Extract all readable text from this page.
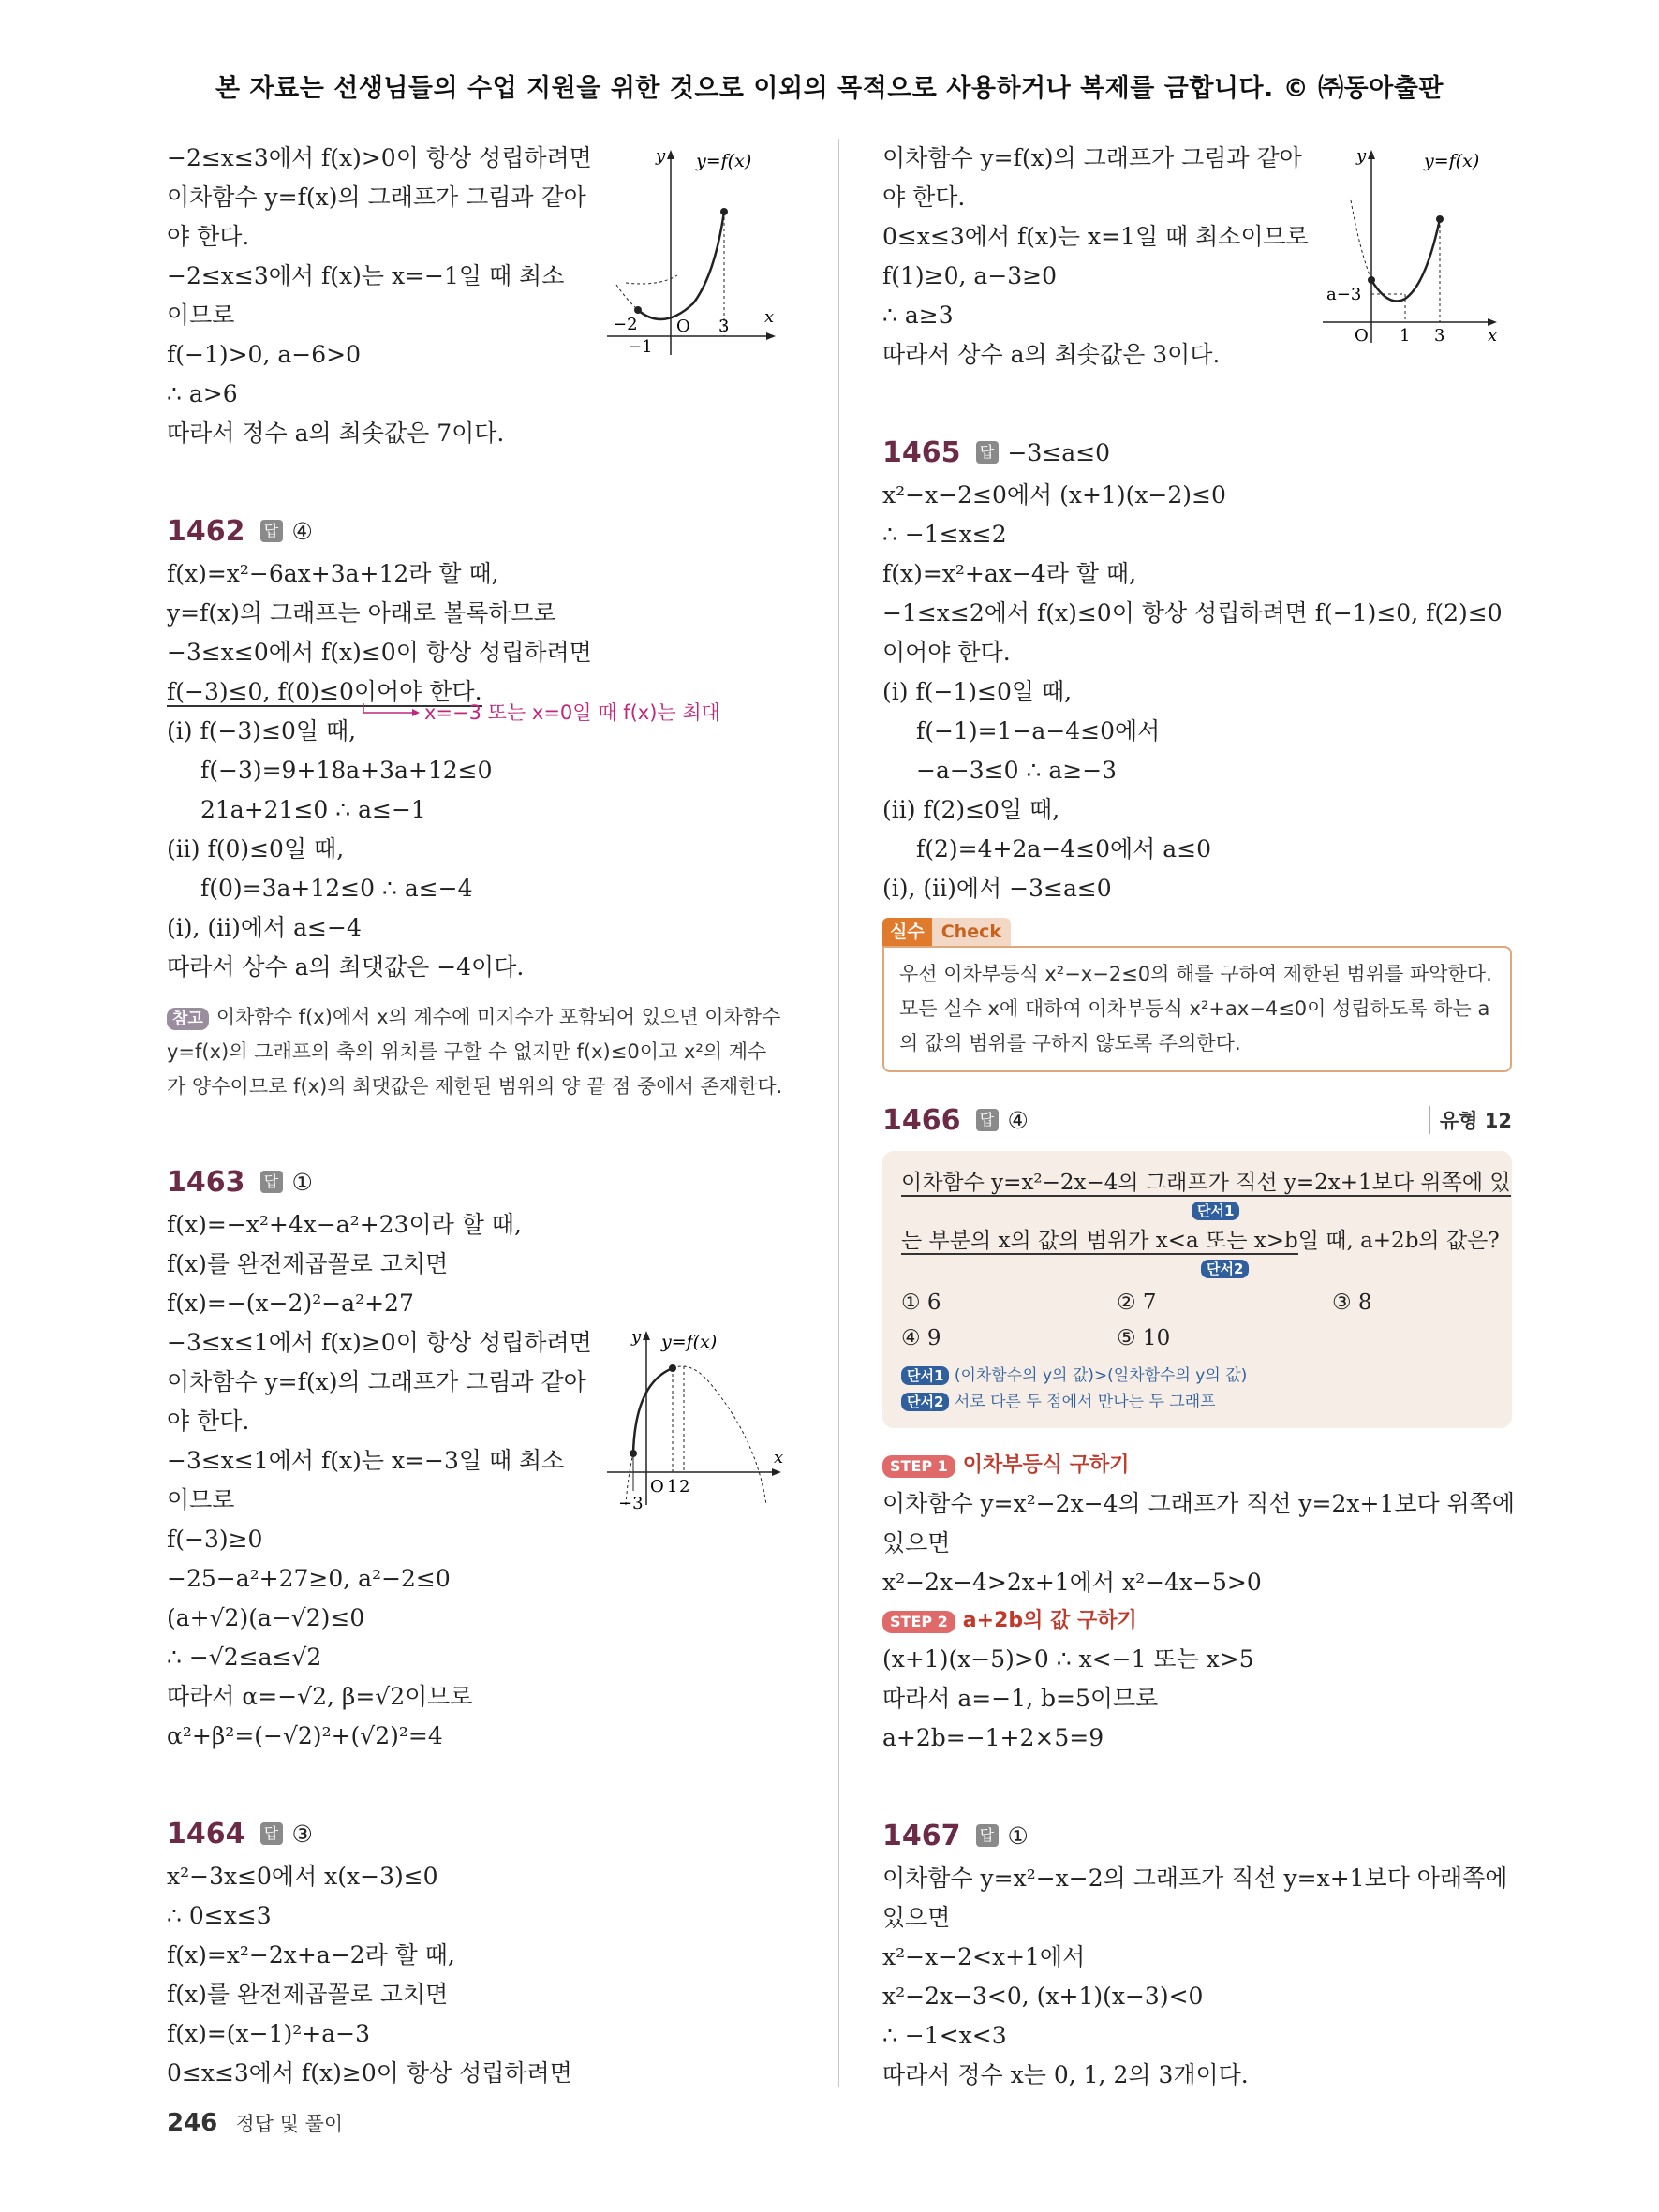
본 자료는 선생님들의 수업 지원을 위한 것으로 이외의 목적으로 사용하거나 복제를 금합니다. © ㈜동아출판
−2≤x≤3에서 f(x)>0이 항상 성립하려면
이차함수 y=f(x)의 그래프가 그림과 같아
야 한다.
−2≤x≤3에서 f(x)는 x=−1일 때 최소
이므로
f(−1)>0, a−6>0
∴ a>6
따라서 정수 a의 최솟값은 7이다.
y y=f(x)
x
−2 O 3
−1
1462 답 ④
f(x)=x²−6ax+3a+12라 할 때,
y=f(x)의 그래프는 아래로 볼록하므로
−3≤x≤0에서 f(x)≤0이 항상 성립하려면
f(−3)≤0, f(0)≤0이어야 한다.
x=−3 또는 x=0일 때 f(x)는 최대
(i) f(−3)≤0일 때,
f(−3)=9+18a+3a+12≤0
21a+21≤0 ∴ a≤−1
(ii) f(0)≤0일 때,
f(0)=3a+12≤0 ∴ a≤−4
(i), (ii)에서 a≤−4
따라서 상수 a의 최댓값은 −4이다.
참고 이차함수 f(x)에서 x의 계수에 미지수가 포함되어 있으면 이차함수
y=f(x)의 그래프의 축의 위치를 구할 수 없지만 f(x)≤0이고 x²의 계수
가 양수이므로 f(x)의 최댓값은 제한된 범위의 양 끝 점 중에서 존재한다.
1463 답 ①
f(x)=−x²+4x−a²+23이라 할 때,
f(x)를 완전제곱꼴로 고치면
f(x)=−(x−2)²−a²+27
−3≤x≤1에서 f(x)≥0이 항상 성립하려면
이차함수 y=f(x)의 그래프가 그림과 같아
야 한다.
−3≤x≤1에서 f(x)는 x=−3일 때 최소
이므로
f(−3)≥0
−25−a²+27≥0, a²−2≤0
(a+√2)(a−√2)≤0
∴ −√2≤a≤√2
따라서 α=−√2, β=√2이므로
α²+β²=(−√2)²+(√2)²=4
y y=f(x)
x
O 1 2
−3
1464 답 ③
x²−3x≤0에서 x(x−3)≤0
∴ 0≤x≤3
f(x)=x²−2x+a−2라 할 때,
f(x)를 완전제곱꼴로 고치면
f(x)=(x−1)²+a−3
0≤x≤3에서 f(x)≥0이 항상 성립하려면
이차함수 y=f(x)의 그래프가 그림과 같아
야 한다.
0≤x≤3에서 f(x)는 x=1일 때 최소이므로
f(1)≥0, a−3≥0
∴ a≥3
따라서 상수 a의 최솟값은 3이다.
y	y=f(x)
x
a−3
O 1 3
1465 답 −3≤a≤0
x²−x−2≤0에서 (x+1)(x−2)≤0
∴ −1≤x≤2
f(x)=x²+ax−4라 할 때,
−1≤x≤2에서 f(x)≤0이 항상 성립하려면 f(−1)≤0, f(2)≤0
이어야 한다.
(i) f(−1)≤0일 때,
f(−1)=1−a−4≤0에서
−a−3≤0 ∴ a≥−3
(ii) f(2)≤0일 때,
f(2)=4+2a−4≤0에서 a≤0
(i), (ii)에서 −3≤a≤0
실수 Check
우선 이차부등식 x²−x−2≤0의 해를 구하여 제한된 범위를 파악한다.
모든 실수 x에 대하여 이차부등식 x²+ax−4≤0이 성립하도록 하는 a
의 값의 범위를 구하지 않도록 주의한다.
1466 답 ④	유형 12
이차함수 y=x²−2x−4의 그래프가 직선 y=2x+1보다 위쪽에 있
단서1
는 부분의 x의 값의 범위가 x<a 또는 x>b일 때, a+2b의 값은?
단서2
① 6	② 7	③ 8
④ 9	⑤ 10
단서1 (이차함수의 y의 값)>(일차함수의 y의 값)
단서2 서로 다른 두 점에서 만나는 두 그래프
STEP 1 이차부등식 구하기
이차함수 y=x²−2x−4의 그래프가 직선 y=2x+1보다 위쪽에
있으면
x²−2x−4>2x+1에서 x²−4x−5>0
STEP 2 a+2b의 값 구하기
(x+1)(x−5)>0 ∴ x<−1 또는 x>5
따라서 a=−1, b=5이므로
a+2b=−1+2×5=9
1467 답 ①
이차함수 y=x²−x−2의 그래프가 직선 y=x+1보다 아래쪽에
있으면
x²−x−2<x+1에서
x²−2x−3<0, (x+1)(x−3)<0
∴ −1<x<3
따라서 정수 x는 0, 1, 2의 3개이다.
246 정답 및 풀이
